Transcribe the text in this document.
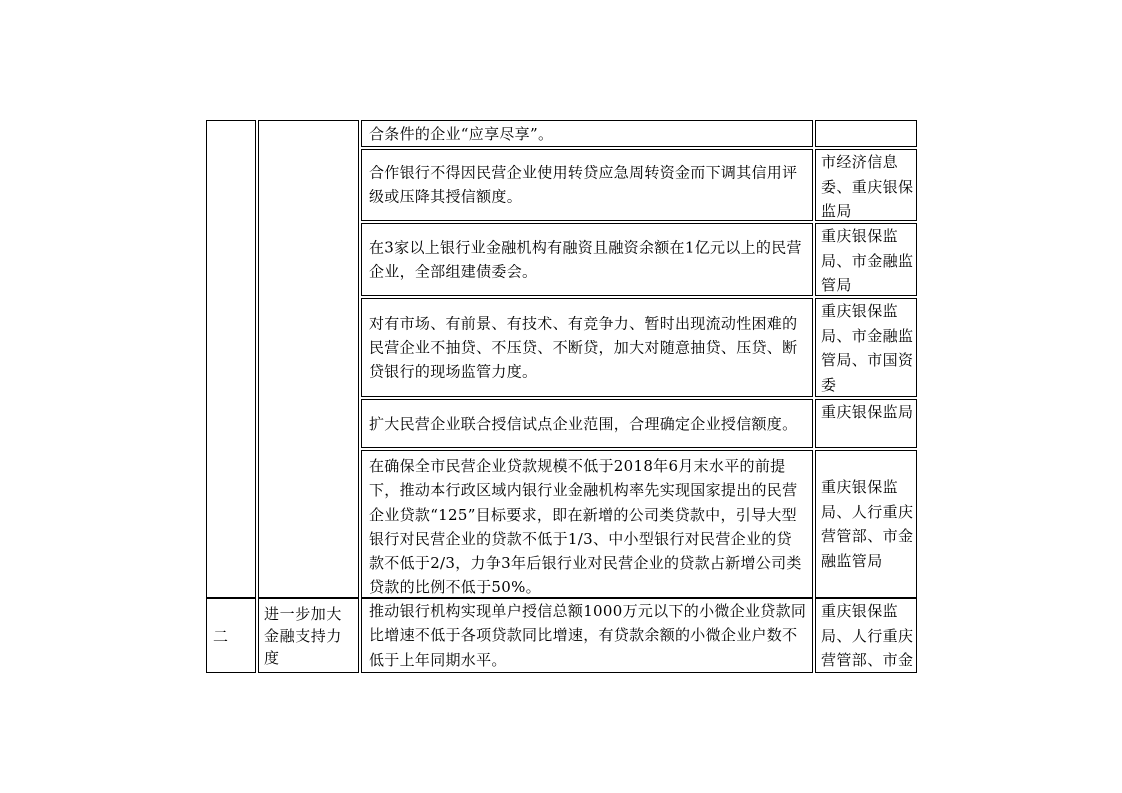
合条件的企业“应享尽享”。
合作银行不得因民营企业使用转贷应急周转资金而下调其信用评级或压降其授信额度。
市经济信息委、重庆银保监局
在3家以上银行业金融机构有融资且融资余额在1亿元以上的民营企业，全部组建债委会。
重庆银保监局、市金融监管局
对有市场、有前景、有技术、有竞争力、暂时出现流动性困难的民营企业不抽贷、不压贷、不断贷，加大对随意抽贷、压贷、断贷银行的现场监管力度。
重庆银保监局、市金融监管局、市国资委
扩大民营企业联合授信试点企业范围，合理确定企业授信额度。
重庆银保监局
在确保全市民营企业贷款规模不低于2018年6月末水平的前提下，推动本行政区域内银行业金融机构率先实现国家提出的民营企业贷款“125”目标要求，即在新增的公司类贷款中，引导大型银行对民营企业的贷款不低于1/3、中小型银行对民营企业的贷款不低于2/3，力争3年后银行业对民营企业的贷款占新增公司类贷款的比例不低于50%。
重庆银保监局、人行重庆营管部、市金融监管局
二
进一步加大金融支持力度
推动银行机构实现单户授信总额1000万元以下的小微企业贷款同比增速不低于各项贷款同比增速，有贷款余额的小微企业户数不低于上年同期水平。
重庆银保监局、人行重庆营管部、市金
